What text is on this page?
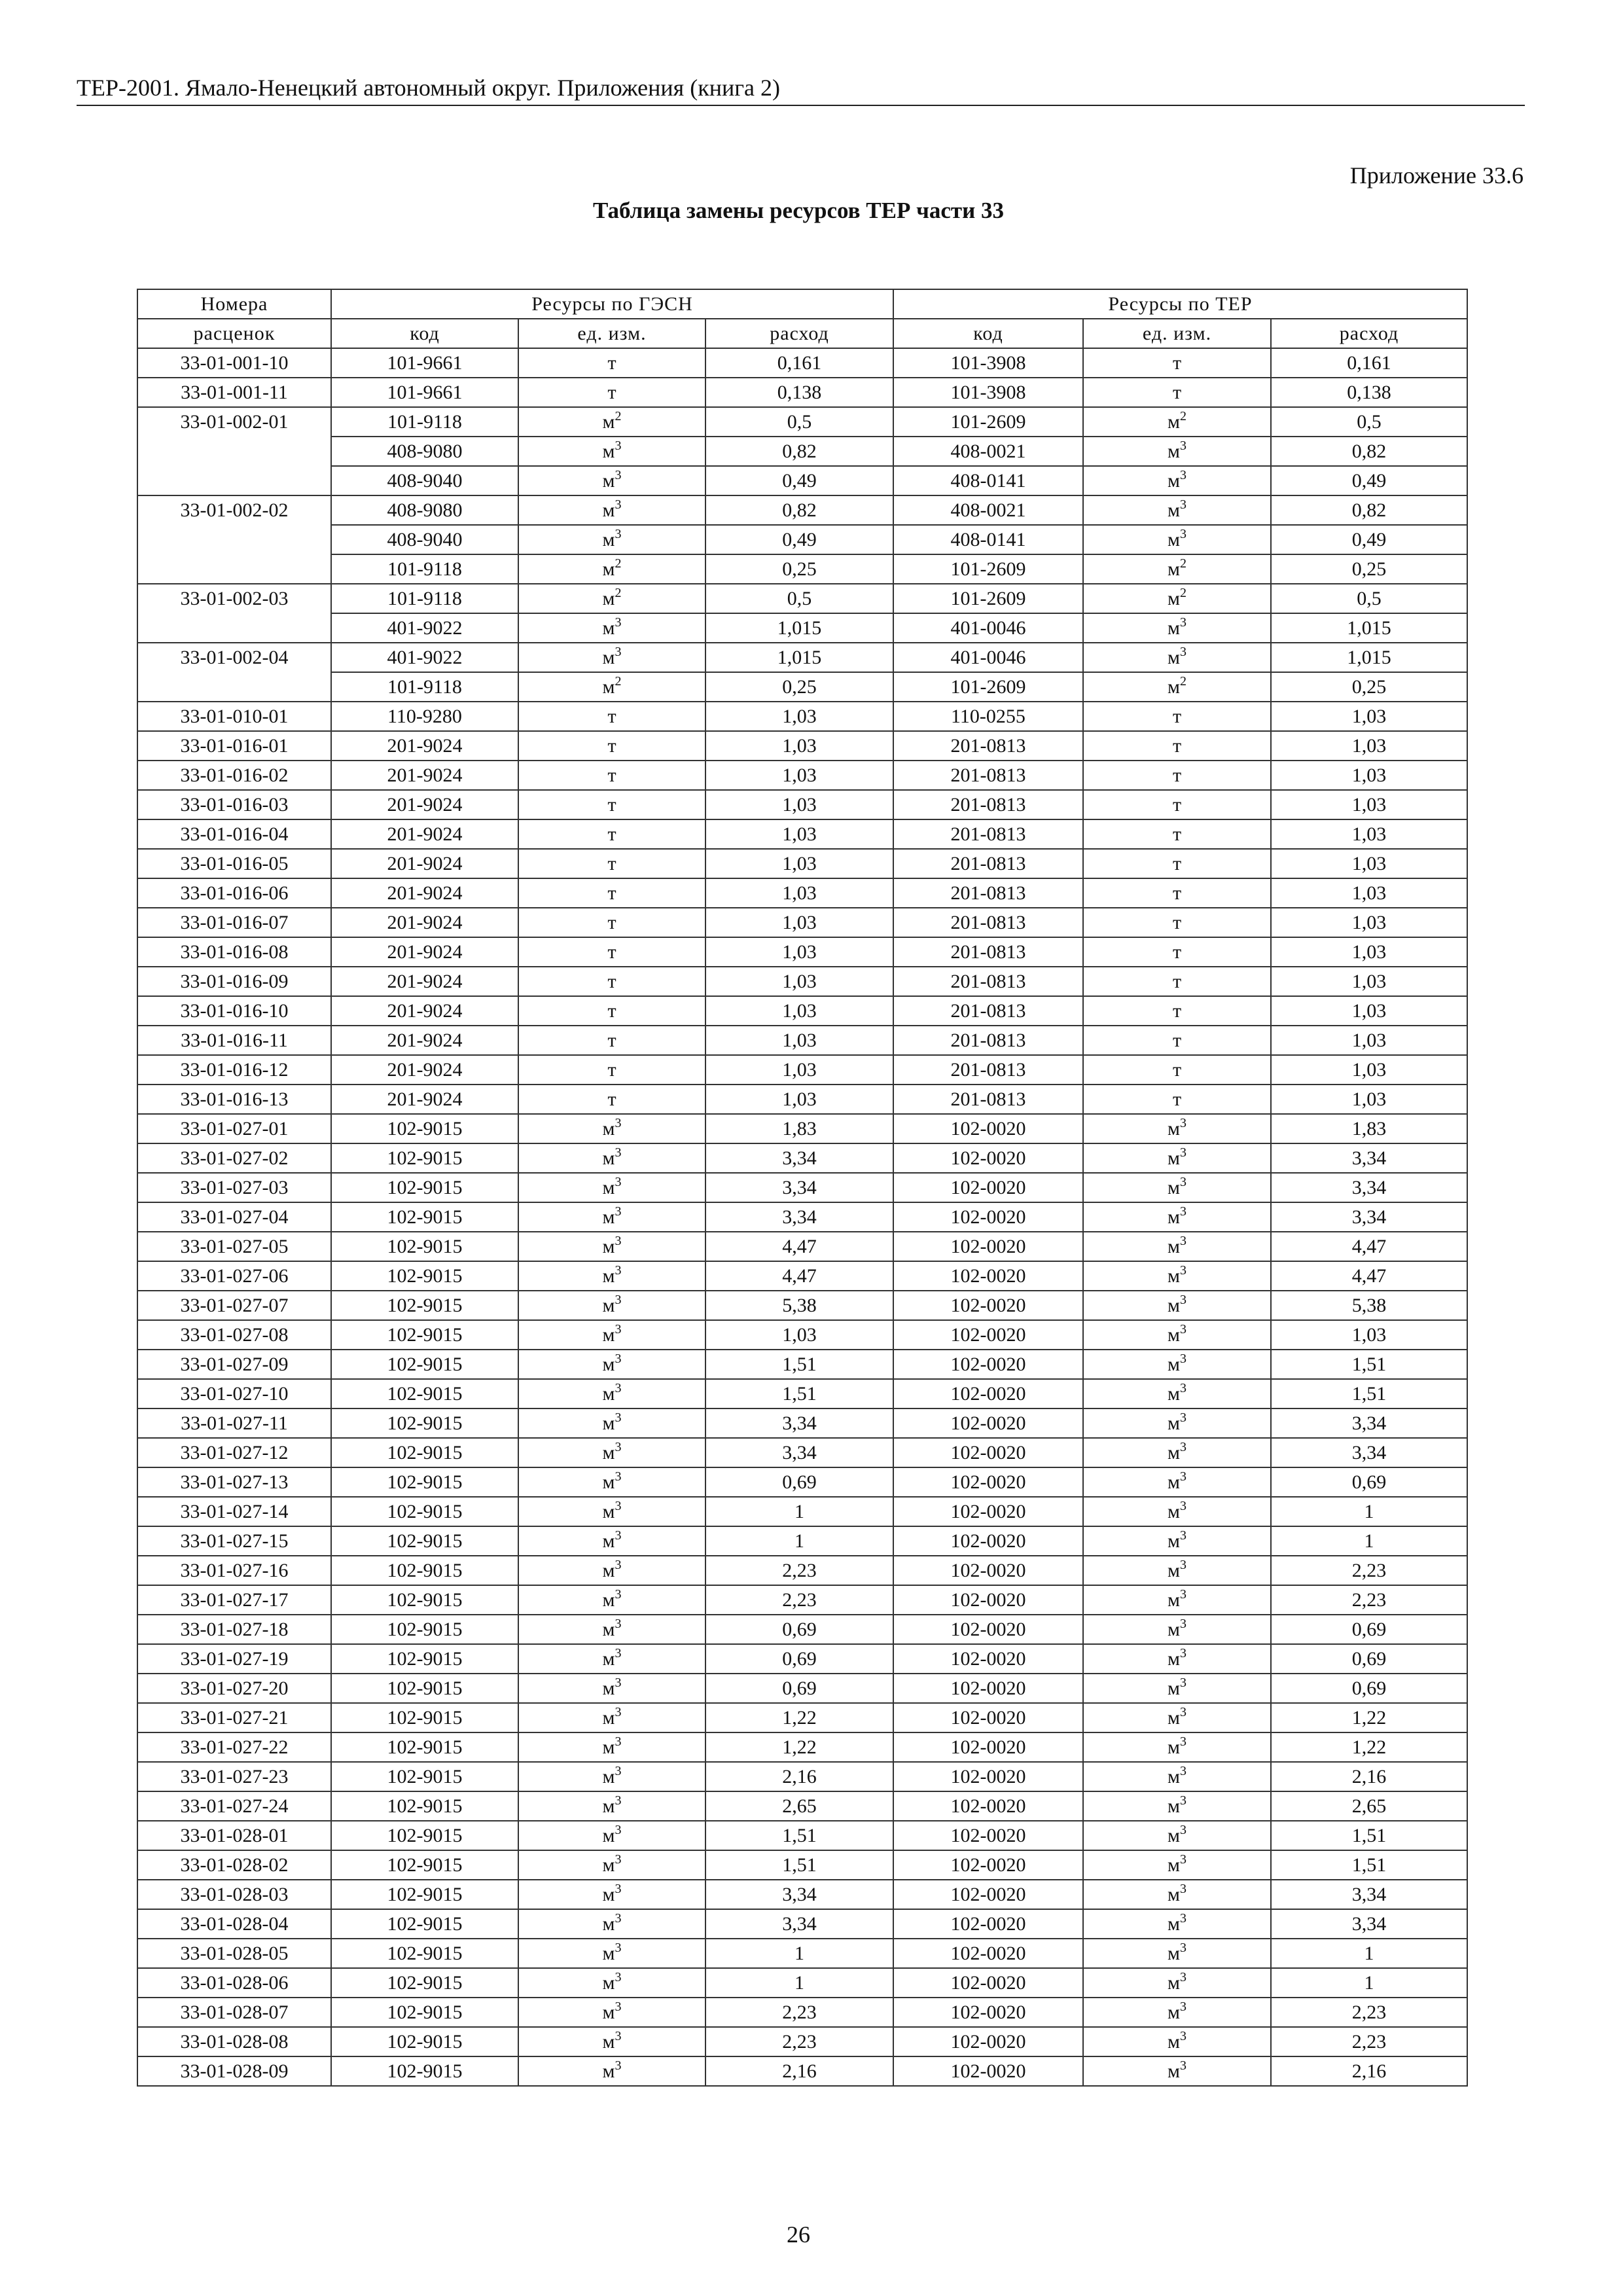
ТЕР-2001. Ямало-Ненецкий автономный округ. Приложения (книга 2)
Приложение 33.6
Таблица замены ресурсов ТЕР части 33
Номера	Ресурсы по ГЭСН			Ресурсы по ТЕР		
расценок	код	ед. изм.	расход	код	ед. изм.	расход
33-01-001-10	101-9661	т	0,161	101-3908	т	0,161
33-01-001-11	101-9661	т	0,138	101-3908	т	0,138
33-01-002-01	101-9118	$м^2$	0,5	101-2609	$м^2$	0,5
	408-9080	$м^3$	0,82	408-0021	$м^3$	0,82
	408-9040	$м^3$	0,49	408-0141	$м^3$	0,49
33-01-002-02	408-9080	$м^3$	0,82	408-0021	$м^3$	0,82
	408-9040	$м^3$	0,49	408-0141	$м^3$	0,49
	101-9118	$м^2$	0,25	101-2609	$м^2$	0,25
33-01-002-03	101-9118	$м^2$	0,5	101-2609	$м^2$	0,5
	401-9022	$м^3$	1,015	401-0046	$м^3$	1,015
33-01-002-04	401-9022	$м^3$	1,015	401-0046	$м^3$	1,015
	101-9118	$м^2$	0,25	101-2609	$м^2$	0,25
33-01-010-01	110-9280	т	1,03	110-0255	т	1,03
33-01-016-01	201-9024	т	1,03	201-0813	т	1,03
33-01-016-02	201-9024	т	1,03	201-0813	т	1,03
33-01-016-03	201-9024	т	1,03	201-0813	т	1,03
33-01-016-04	201-9024	т	1,03	201-0813	т	1,03
33-01-016-05	201-9024	т	1,03	201-0813	т	1,03
33-01-016-06	201-9024	т	1,03	201-0813	т	1,03
33-01-016-07	201-9024	т	1,03	201-0813	т	1,03
33-01-016-08	201-9024	т	1,03	201-0813	т	1,03
33-01-016-09	201-9024	т	1,03	201-0813	т	1,03
33-01-016-10	201-9024	т	1,03	201-0813	т	1,03
33-01-016-11	201-9024	т	1,03	201-0813	т	1,03
33-01-016-12	201-9024	т	1,03	201-0813	т	1,03
33-01-016-13	201-9024	т	1,03	201-0813	т	1,03
33-01-027-01	102-9015	$м^3$	1,83	102-0020	$м^3$	1,83
33-01-027-02	102-9015	$м^3$	3,34	102-0020	$м^3$	3,34
33-01-027-03	102-9015	$м^3$	3,34	102-0020	$м^3$	3,34
33-01-027-04	102-9015	$м^3$	3,34	102-0020	$м^3$	3,34
33-01-027-05	102-9015	$м^3$	4,47	102-0020	$м^3$	4,47
33-01-027-06	102-9015	$м^3$	4,47	102-0020	$м^3$	4,47
33-01-027-07	102-9015	$м^3$	5,38	102-0020	$м^3$	5,38
33-01-027-08	102-9015	$м^3$	1,03	102-0020	$м^3$	1,03
33-01-027-09	102-9015	$м^3$	1,51	102-0020	$м^3$	1,51
33-01-027-10	102-9015	$м^3$	1,51	102-0020	$м^3$	1,51
33-01-027-11	102-9015	$м^3$	3,34	102-0020	$м^3$	3,34
33-01-027-12	102-9015	$м^3$	3,34	102-0020	$м^3$	3,34
33-01-027-13	102-9015	$м^3$	0,69	102-0020	$м^3$	0,69
33-01-027-14	102-9015	$м^3$	1	102-0020	$м^3$	1
33-01-027-15	102-9015	$м^3$	1	102-0020	$м^3$	1
33-01-027-16	102-9015	$м^3$	2,23	102-0020	$м^3$	2,23
33-01-027-17	102-9015	$м^3$	2,23	102-0020	$м^3$	2,23
33-01-027-18	102-9015	$м^3$	0,69	102-0020	$м^3$	0,69
33-01-027-19	102-9015	$м^3$	0,69	102-0020	$м^3$	0,69
33-01-027-20	102-9015	$м^3$	0,69	102-0020	$м^3$	0,69
33-01-027-21	102-9015	$м^3$	1,22	102-0020	$м^3$	1,22
33-01-027-22	102-9015	$м^3$	1,22	102-0020	$м^3$	1,22
33-01-027-23	102-9015	$м^3$	2,16	102-0020	$м^3$	2,16
33-01-027-24	102-9015	$м^3$	2,65	102-0020	$м^3$	2,65
33-01-028-01	102-9015	$м^3$	1,51	102-0020	$м^3$	1,51
33-01-028-02	102-9015	$м^3$	1,51	102-0020	$м^3$	1,51
33-01-028-03	102-9015	$м^3$	3,34	102-0020	$м^3$	3,34
33-01-028-04	102-9015	$м^3$	3,34	102-0020	$м^3$	3,34
33-01-028-05	102-9015	$м^3$	1	102-0020	$м^3$	1
33-01-028-06	102-9015	$м^3$	1	102-0020	$м^3$	1
33-01-028-07	102-9015	$м^3$	2,23	102-0020	$м^3$	2,23
33-01-028-08	102-9015	$м^3$	2,23	102-0020	$м^3$	2,23
33-01-028-09	102-9015	$м^3$	2,16	102-0020	$м^3$	2,16
26
